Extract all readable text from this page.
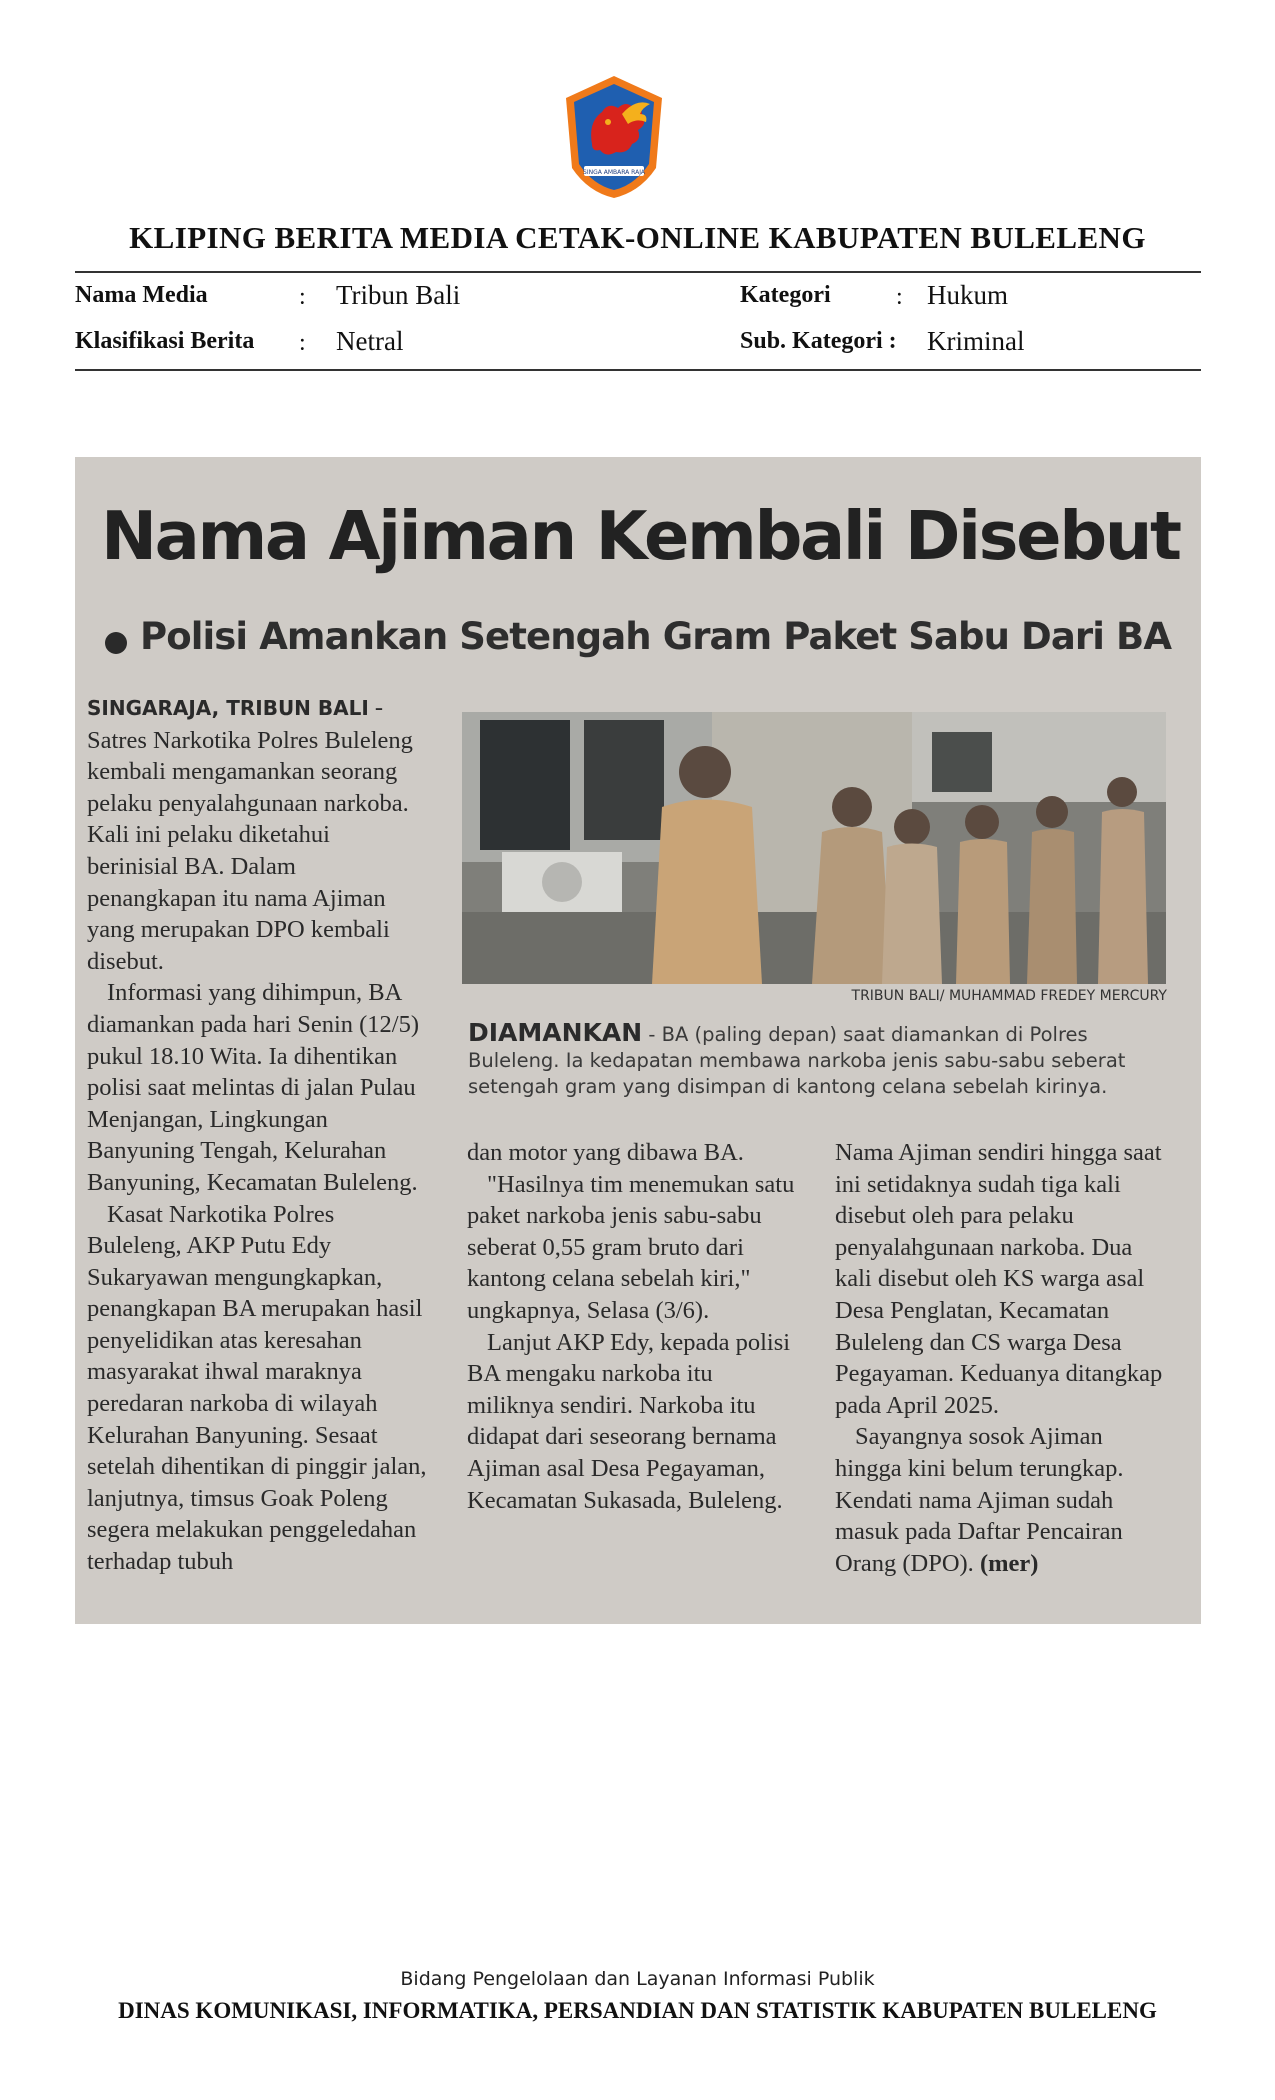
SINGA AMBARA RAJA
KLIPING BERITA MEDIA CETAK-ONLINE KABUPATEN BULELENG
Nama Media	: Tribun Bali
Klasifikasi Berita : Netral
Kategori	: Hukum
Sub. Kategori : Kriminal
Nama Ajiman Kembali Disebut
Polisi Amankan Setengah Gram Paket Sabu Dari BA
TRIBUN BALI/ MUHAMMAD FREDEY MERCURY
DIAMANKAN - BA (paling depan) saat diamankan di Polres Buleleng. Ia kedapatan membawa narkoba jenis sabu-sabu seberat setengah gram yang disimpan di kantong celana sebelah kirinya.

SINGARAJA, TRIBUN BALI - Satres Narkotika Polres Buleleng kembali mengamankan seorang pelaku penyalahgunaan narkoba. Kali ini pelaku diketahui berinisial BA. Dalam penangkapan itu nama Ajiman yang merupakan DPO kembali disebut.

Informasi yang dihimpun, BA diamankan pada hari Senin (12/5) pukul 18.10 Wita. Ia dihentikan polisi saat melintas di jalan Pulau Menjangan, Lingkungan Banyuning Tengah, Kelurahan Banyuning, Kecamatan Buleleng.

Kasat Narkotika Polres Buleleng, AKP Putu Edy Sukaryawan mengungkapkan, penangkapan BA merupakan hasil penyelidikan atas keresahan masyarakat ihwal maraknya peredaran narkoba di wilayah Kelurahan Banyuning. Sesaat setelah dihentikan di pinggir jalan, lanjutnya, timsus Goak Poleng segera melakukan penggeledahan terhadap tubuh

dan motor yang dibawa BA.

"Hasilnya tim menemukan satu paket narkoba jenis sabu-sabu seberat 0,55 gram bruto dari kantong celana sebelah kiri," ungkapnya, Selasa (3/6).

Lanjut AKP Edy, kepada polisi BA mengaku narkoba itu miliknya sendiri. Narkoba itu didapat dari seseorang bernama Ajiman asal Desa Pegayaman, Kecamatan Sukasada, Buleleng.

Nama Ajiman sendiri hingga saat ini setidaknya sudah tiga kali disebut oleh para pelaku penyalahgunaan narkoba. Dua kali disebut oleh KS warga asal Desa Penglatan, Kecamatan Buleleng dan CS warga Desa Pegayaman. Keduanya ditangkap pada April 2025.

Sayangnya sosok Ajiman hingga kini belum terungkap. Kendati nama Ajiman sudah masuk pada Daftar Pencairan Orang (DPO). (mer)

Bidang Pengelolaan dan Layanan Informasi Publik
DINAS KOMUNIKASI, INFORMATIKA, PERSANDIAN DAN STATISTIK KABUPATEN BULELENG
